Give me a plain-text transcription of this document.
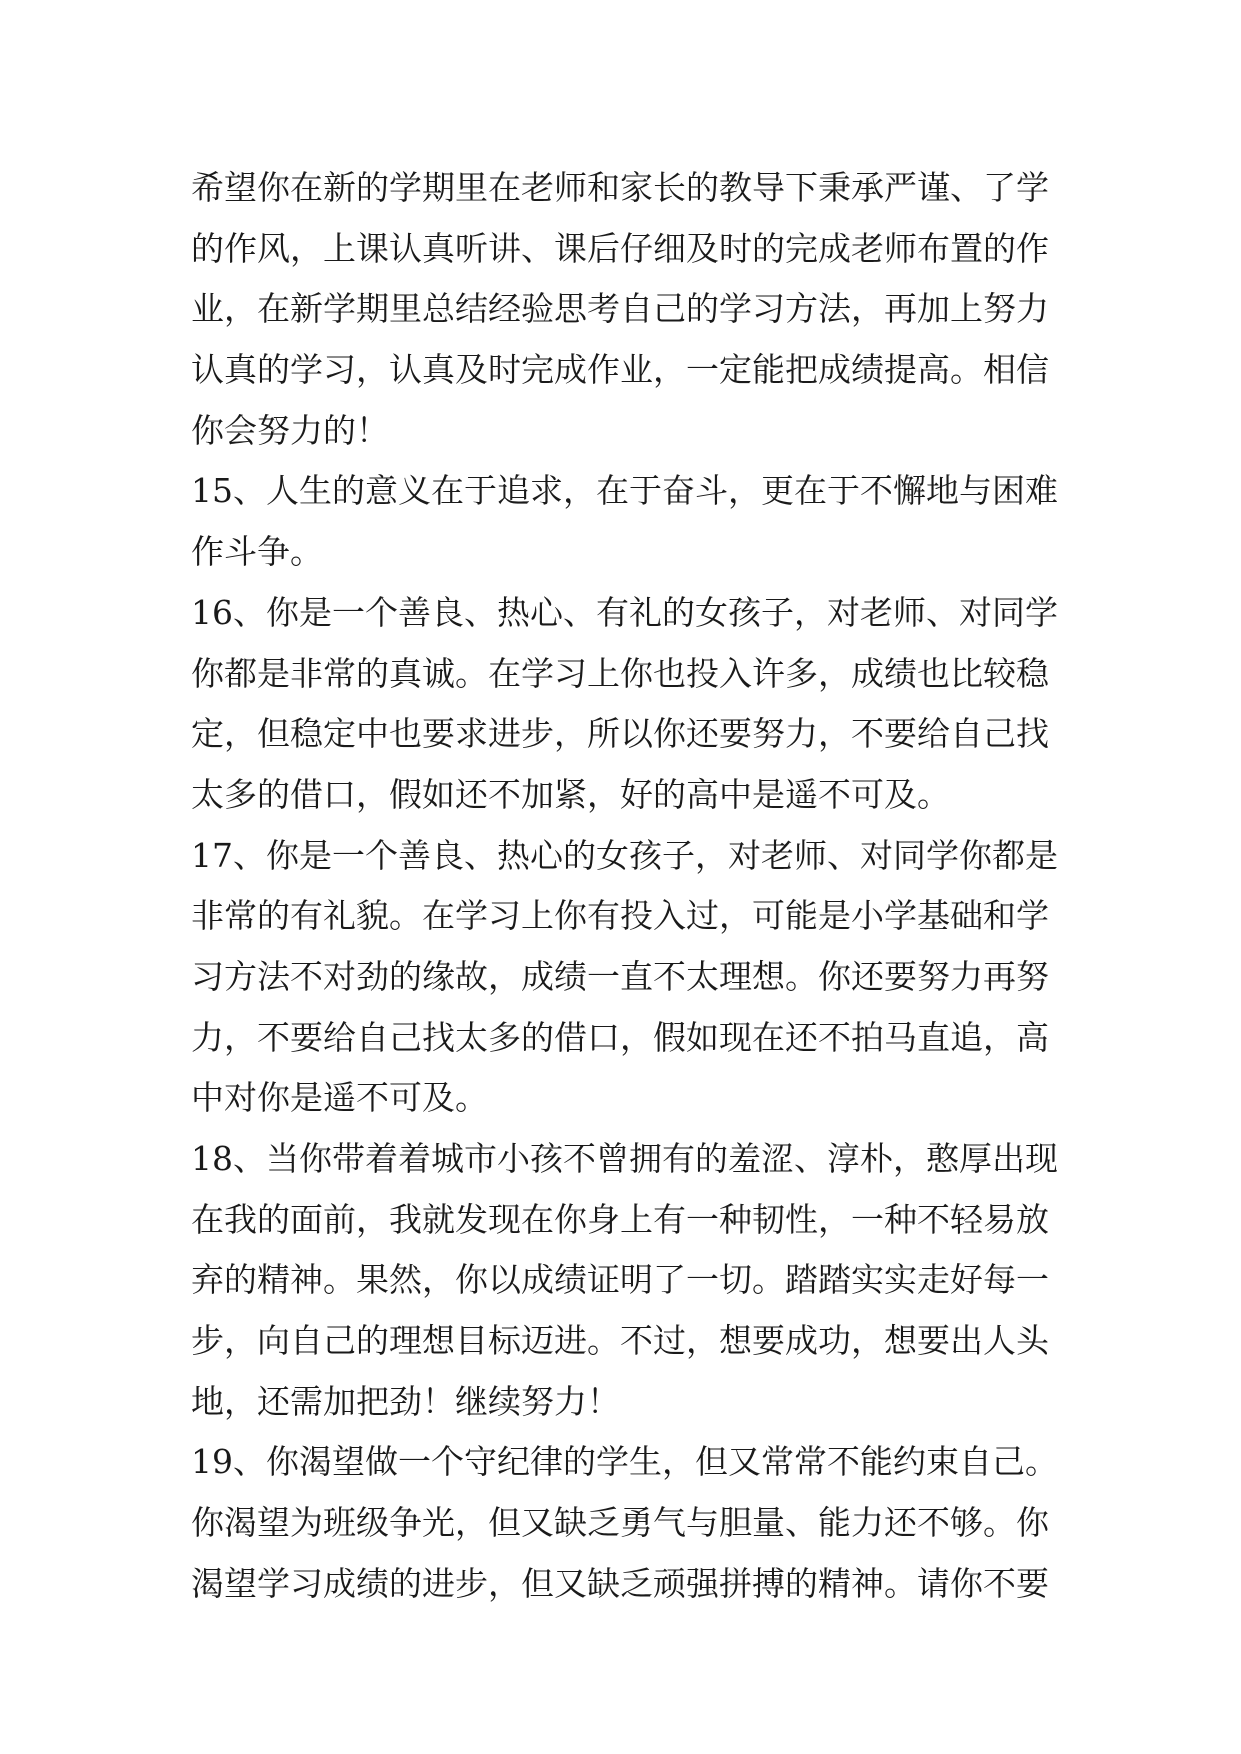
希望你在新的学期里在老师和家长的教导下秉承严谨、了学
的作风，上课认真听讲、课后仔细及时的完成老师布置的作
业，在新学期里总结经验思考自己的学习方法，再加上努力
认真的学习，认真及时完成作业，一定能把成绩提高。相信
你会努力的！
15、人生的意义在于追求，在于奋斗，更在于不懈地与困难
作斗争。
16、你是一个善良、热心、有礼的女孩子，对老师、对同学
你都是非常的真诚。在学习上你也投入许多，成绩也比较稳
定，但稳定中也要求进步，所以你还要努力，不要给自己找
太多的借口，假如还不加紧，好的高中是遥不可及。
17、你是一个善良、热心的女孩子，对老师、对同学你都是
非常的有礼貌。在学习上你有投入过，可能是小学基础和学
习方法不对劲的缘故，成绩一直不太理想。你还要努力再努
力，不要给自己找太多的借口，假如现在还不拍马直追，高
中对你是遥不可及。
18、当你带着着城市小孩不曾拥有的羞涩、淳朴，憨厚出现
在我的面前，我就发现在你身上有一种韧性，一种不轻易放
弃的精神。果然，你以成绩证明了一切。踏踏实实走好每一
步，向自己的理想目标迈进。不过，想要成功，想要出人头
地，还需加把劲！继续努力！
19、你渴望做一个守纪律的学生，但又常常不能约束自己。
你渴望为班级争光，但又缺乏勇气与胆量、能力还不够。你
渴望学习成绩的进步，但又缺乏顽强拼搏的精神。请你不要
